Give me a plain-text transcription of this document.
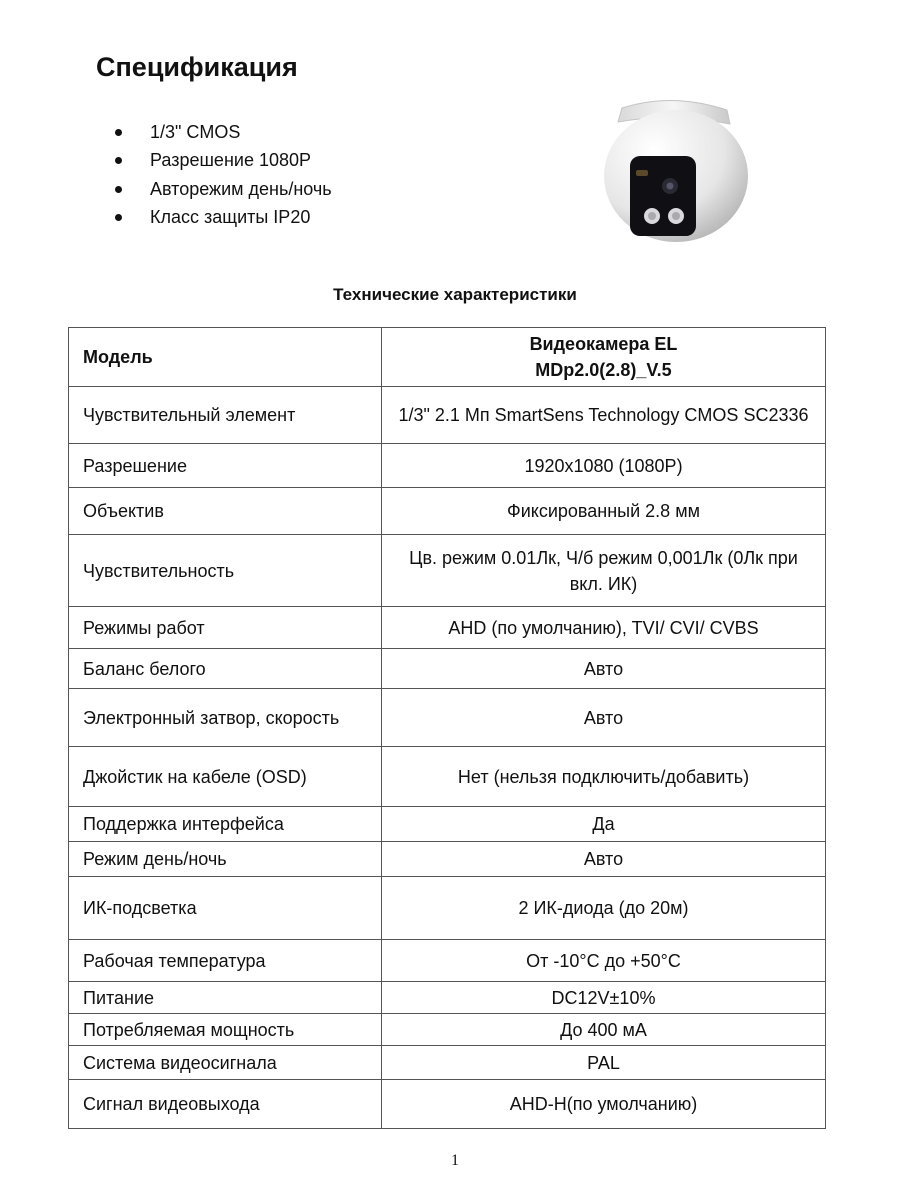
Спецификация
1/3" CMOS
Разрешение 1080P
Авторежим день/ночь
Класс защиты IP20
Технические характеристики
Модель	Видеокамера EL
MDp2.0(2.8)_V.5
Чувствительный элемент	1/3" 2.1 Мп SmartSens Technology CMOS SC2336
Разрешение	1920x1080 (1080P)
Объектив	Фиксированный 2.8 мм
Чувствительность	Цв. режим 0.01Лк, Ч/б режим 0,001Лк (0Лк при вкл. ИК)
Режимы работ	AHD (по умолчанию), TVI/ CVI/ CVBS
Баланс белого	Авто
Электронный затвор, скорость	Авто
Джойстик на кабеле (OSD)	Нет (нельзя подключить/добавить)
Поддержка интерфейса	Да
Режим день/ночь	Авто
ИК-подсветка	2 ИК-диода (до 20м)
Рабочая температура	От -10°C до +50°C
Питание	DC12V±10%
Потребляемая мощность	До 400 мА
Система видеосигнала	PAL
Сигнал видеовыхода	AHD-H(по умолчанию)
1
